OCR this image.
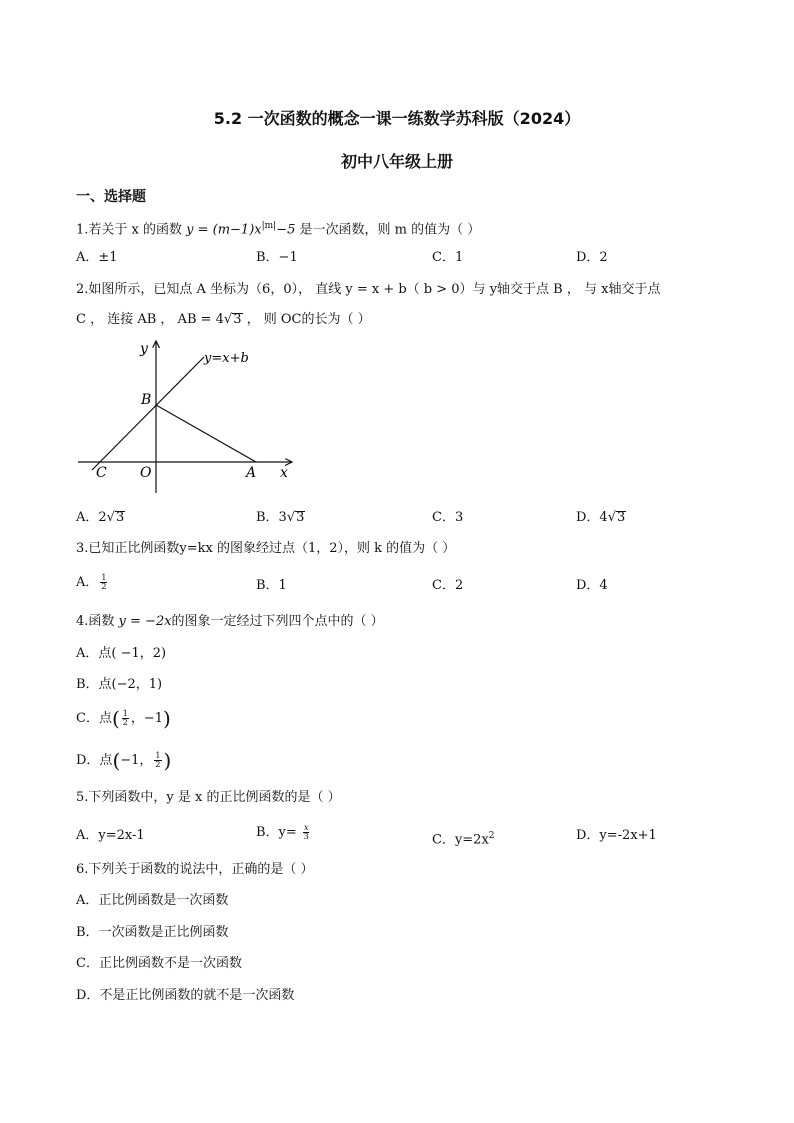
5.2 一次函数的概念一课一练数学苏科版（2024）
初中八年级上册
一、选择题
1.若关于 x 的函数 $y = (m-1)x^{|m|}-5$ 是一次函数，则 m 的值为（ ）
A．±1	B．−1	C．1	D．2
2.如图所示，已知点 A 坐标为（6，0）， 直线 y = x + b（ b > 0）与 y轴交于点 B ， 与 x轴交于点
C ， 连接 AB ， AB = 4√3 ， 则 OC的长为（ ）
y=x+b
y
x
B
C O	A
A．2√3	B．3√3	C．3	D．4√3
3.已知正比例函数y=kx 的图象经过点（1，2），则 k 的值为（ ）
A． $\frac{1}{2}$	B．1	C．2	D．4
4.函数 y = −2x的图象一定经过下列四个点中的（ ）
A．点( −1，2)
B．点(−2，1)
C．点( $\frac{1}{2}$ ，−1)
D．点(−1， $\frac{1}{2}$ )
5.下列函数中，y 是 x 的正比例函数的是（ ）
A．y=2x-1	B．$y= \frac{x}{3}$	C．$y=2x^2$	D．y=-2x+1
6.下列关于函数的说法中，正确的是（ ）
A．正比例函数是一次函数
B．一次函数是正比例函数
C．正比例函数不是一次函数
D．不是正比例函数的就不是一次函数
